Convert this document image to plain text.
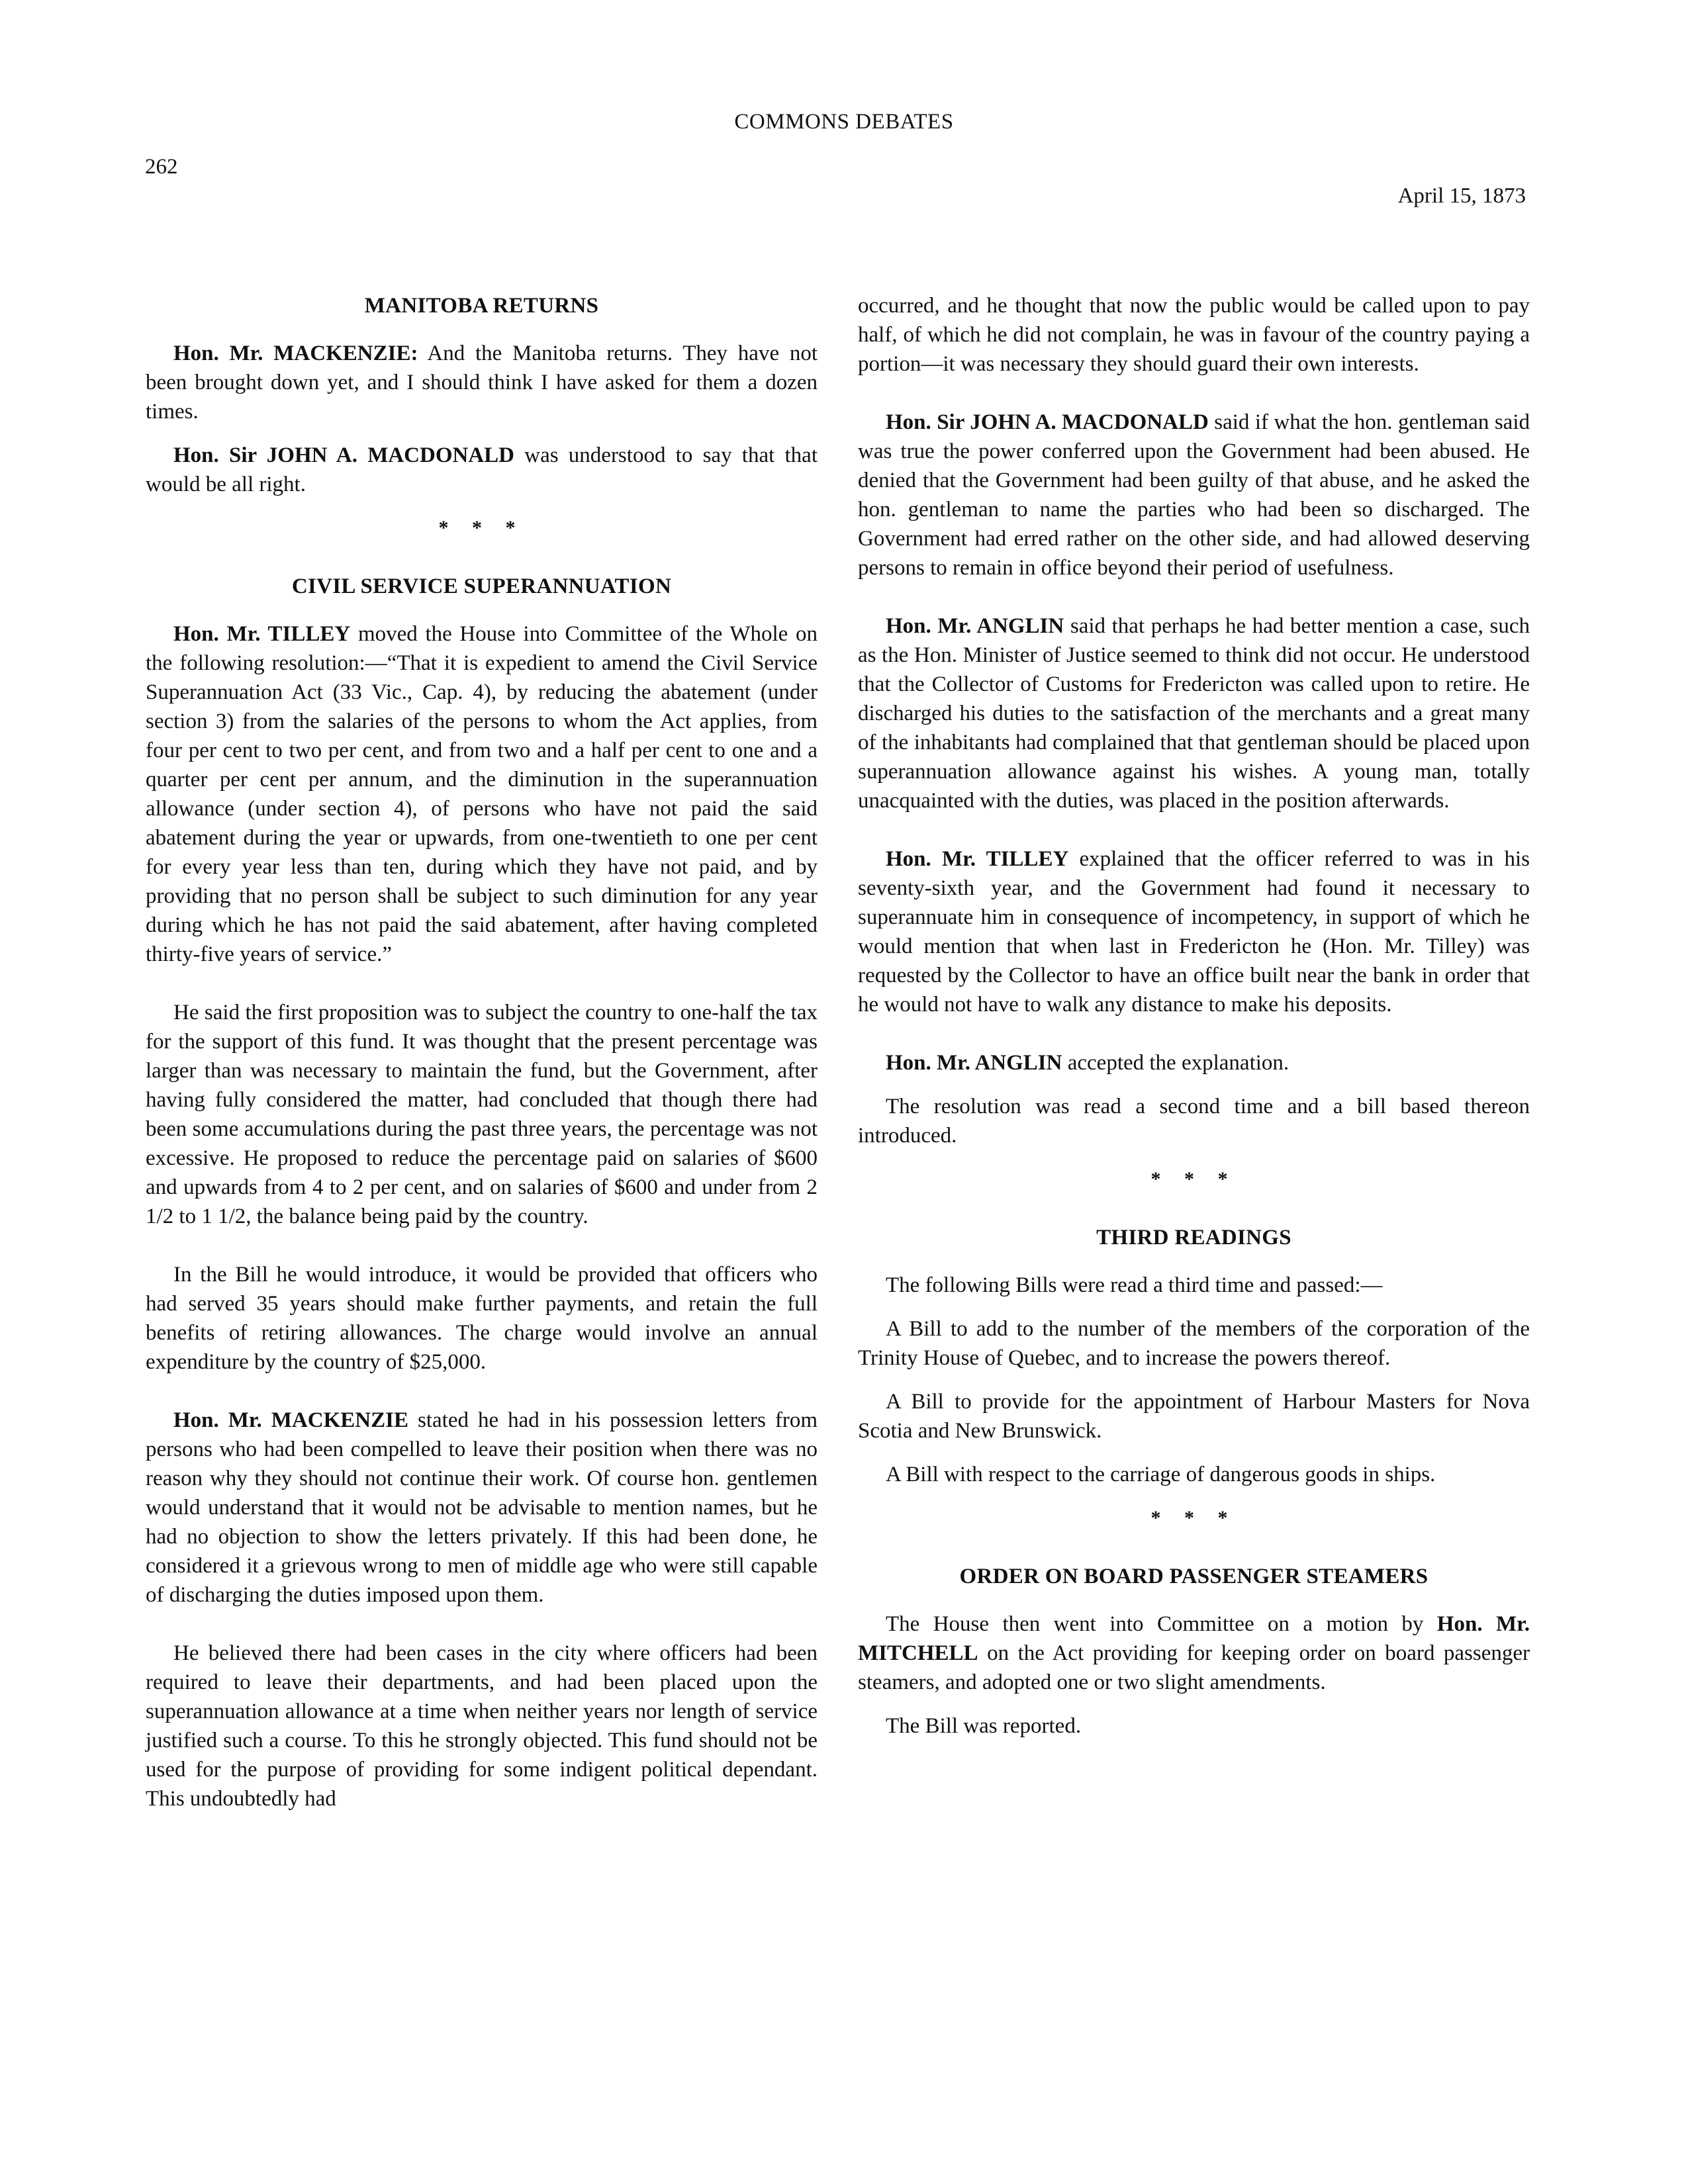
COMMONS DEBATES
262
April 15, 1873
MANITOBA RETURNS

Hon. Mr. MACKENZIE: And the Manitoba returns. They have not been brought down yet, and I should think I have asked for them a dozen times.

Hon. Sir JOHN A. MACDONALD was understood to say that that would be all right.

* * *
CIVIL SERVICE SUPERANNUATION

Hon. Mr. TILLEY moved the House into Committee of the Whole on the following resolution:—“That it is expedient to amend the Civil Service Superannuation Act (33 Vic., Cap. 4), by reducing the abatement (under section 3) from the salaries of the persons to whom the Act applies, from four per cent to two per cent, and from two and a half per cent to one and a quarter per cent per annum, and the diminution in the superannuation allowance (under section 4), of persons who have not paid the said abatement during the year or upwards, from one-twentieth to one per cent for every year less than ten, during which they have not paid, and by providing that no person shall be subject to such diminution for any year during which he has not paid the said abatement, after having completed thirty-five years of service.”

He said the first proposition was to subject the country to one-half the tax for the support of this fund. It was thought that the present percentage was larger than was necessary to maintain the fund, but the Government, after having fully considered the matter, had concluded that though there had been some accumulations during the past three years, the percentage was not excessive. He proposed to reduce the percentage paid on salaries of $600 and upwards from 4 to 2 per cent, and on salaries of $600 and under from 2 1/2 to 1 1/2, the balance being paid by the country.

In the Bill he would introduce, it would be provided that officers who had served 35 years should make further payments, and retain the full benefits of retiring allowances. The charge would involve an annual expenditure by the country of $25,000.

Hon. Mr. MACKENZIE stated he had in his possession letters from persons who had been compelled to leave their position when there was no reason why they should not continue their work. Of course hon. gentlemen would understand that it would not be advisable to mention names, but he had no objection to show the letters privately. If this had been done, he considered it a grievous wrong to men of middle age who were still capable of discharging the duties imposed upon them.

He believed there had been cases in the city where officers had been required to leave their departments, and had been placed upon the superannuation allowance at a time when neither years nor length of service justified such a course. To this he strongly objected. This fund should not be used for the purpose of providing for some indigent political dependant. This undoubtedly had

occurred, and he thought that now the public would be called upon to pay half, of which he did not complain, he was in favour of the country paying a portion—it was necessary they should guard their own interests.

Hon. Sir JOHN A. MACDONALD said if what the hon. gentleman said was true the power conferred upon the Government had been abused. He denied that the Government had been guilty of that abuse, and he asked the hon. gentleman to name the parties who had been so discharged. The Government had erred rather on the other side, and had allowed deserving persons to remain in office beyond their period of usefulness.

Hon. Mr. ANGLIN said that perhaps he had better mention a case, such as the Hon. Minister of Justice seemed to think did not occur. He understood that the Collector of Customs for Fredericton was called upon to retire. He discharged his duties to the satisfaction of the merchants and a great many of the inhabitants had complained that that gentleman should be placed upon superannuation allowance against his wishes. A young man, totally unacquainted with the duties, was placed in the position afterwards.

Hon. Mr. TILLEY explained that the officer referred to was in his seventy-sixth year, and the Government had found it necessary to superannuate him in consequence of incompetency, in support of which he would mention that when last in Fredericton he (Hon. Mr. Tilley) was requested by the Collector to have an office built near the bank in order that he would not have to walk any distance to make his deposits.

Hon. Mr. ANGLIN accepted the explanation.

The resolution was read a second time and a bill based thereon introduced.

* * *
THIRD READINGS

The following Bills were read a third time and passed:—

A Bill to add to the number of the members of the corporation of the Trinity House of Quebec, and to increase the powers thereof.

A Bill to provide for the appointment of Harbour Masters for Nova Scotia and New Brunswick.

A Bill with respect to the carriage of dangerous goods in ships.

* * *
ORDER ON BOARD PASSENGER STEAMERS

The House then went into Committee on a motion by Hon. Mr. MITCHELL on the Act providing for keeping order on board passenger steamers, and adopted one or two slight amendments.

The Bill was reported.
